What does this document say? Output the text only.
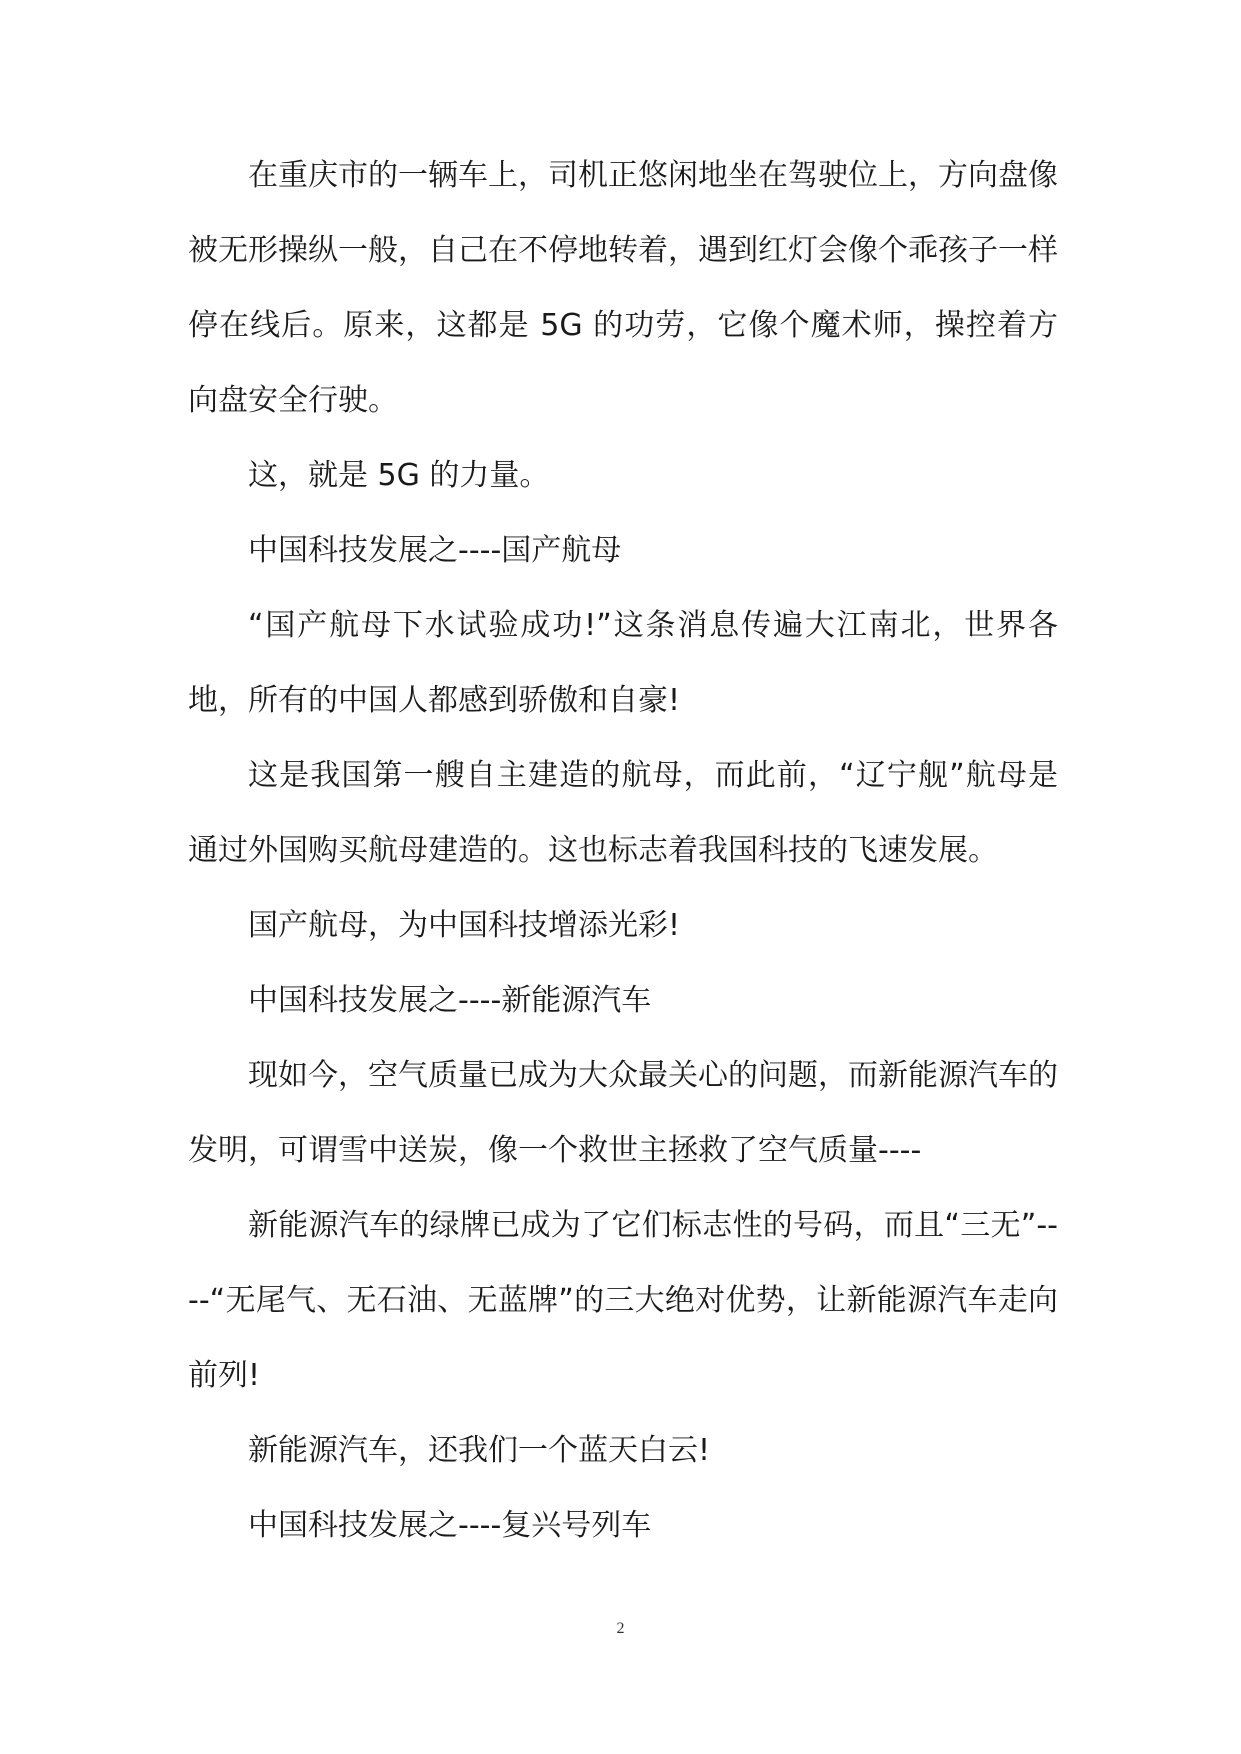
在重庆市的一辆车上，司机正悠闲地坐在驾驶位上，方向盘像被无形操纵一般，自己在不停地转着，遇到红灯会像个乖孩子一样停在线后。原来，这都是 5G 的功劳，它像个魔术师，操控着方向盘安全行驶。

这，就是 5G 的力量。

中国科技发展之----国产航母

“国产航母下水试验成功!”这条消息传遍大江南北，世界各地，所有的中国人都感到骄傲和自豪!

这是我国第一艘自主建造的航母，而此前，“辽宁舰”航母是通过外国购买航母建造的。这也标志着我国科技的飞速发展。

国产航母，为中国科技增添光彩!

中国科技发展之----新能源汽车

现如今，空气质量已成为大众最关心的问题，而新能源汽车的发明，可谓雪中送炭，像一个救世主拯救了空气质量----

新能源汽车的绿牌已成为了它们标志性的号码，而且“三无”----“无尾气、无石油、无蓝牌”的三大绝对优势，让新能源汽车走向前列!

新能源汽车，还我们一个蓝天白云!

中国科技发展之----复兴号列车

2
